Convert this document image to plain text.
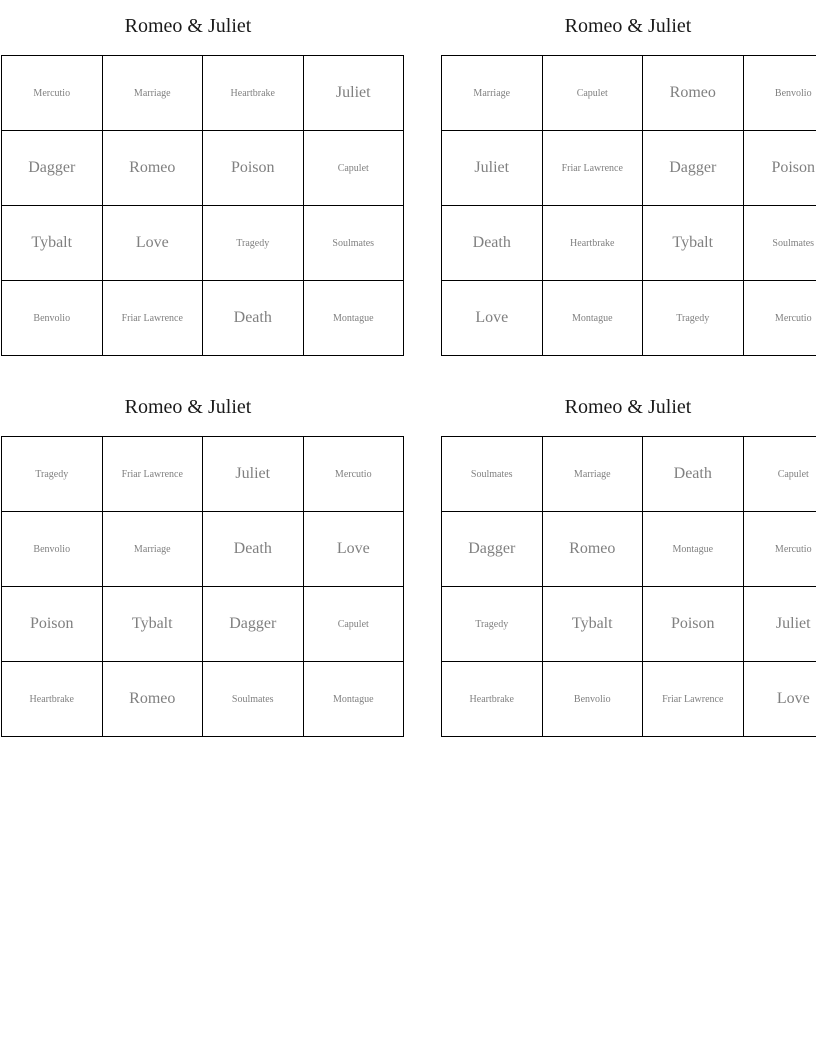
Romeo & Juliet
Mercutio	Marriage	Heartbrake	Juliet
Dagger	Romeo	Poison	Capulet
Tybalt	Love	Tragedy	Soulmates
Benvolio	Friar Lawrence	Death	Montague
Romeo & Juliet
Marriage	Capulet	Romeo	Benvolio
Juliet	Friar Lawrence	Dagger	Poison
Death	Heartbrake	Tybalt	Soulmates
Love	Montague	Tragedy	Mercutio
Romeo & Juliet
Tragedy	Friar Lawrence	Juliet	Mercutio
Benvolio	Marriage	Death	Love
Poison	Tybalt	Dagger	Capulet
Heartbrake	Romeo	Soulmates	Montague
Romeo & Juliet
Soulmates	Marriage	Death	Capulet
Dagger	Romeo	Montague	Mercutio
Tragedy	Tybalt	Poison	Juliet
Heartbrake	Benvolio	Friar Lawrence	Love
